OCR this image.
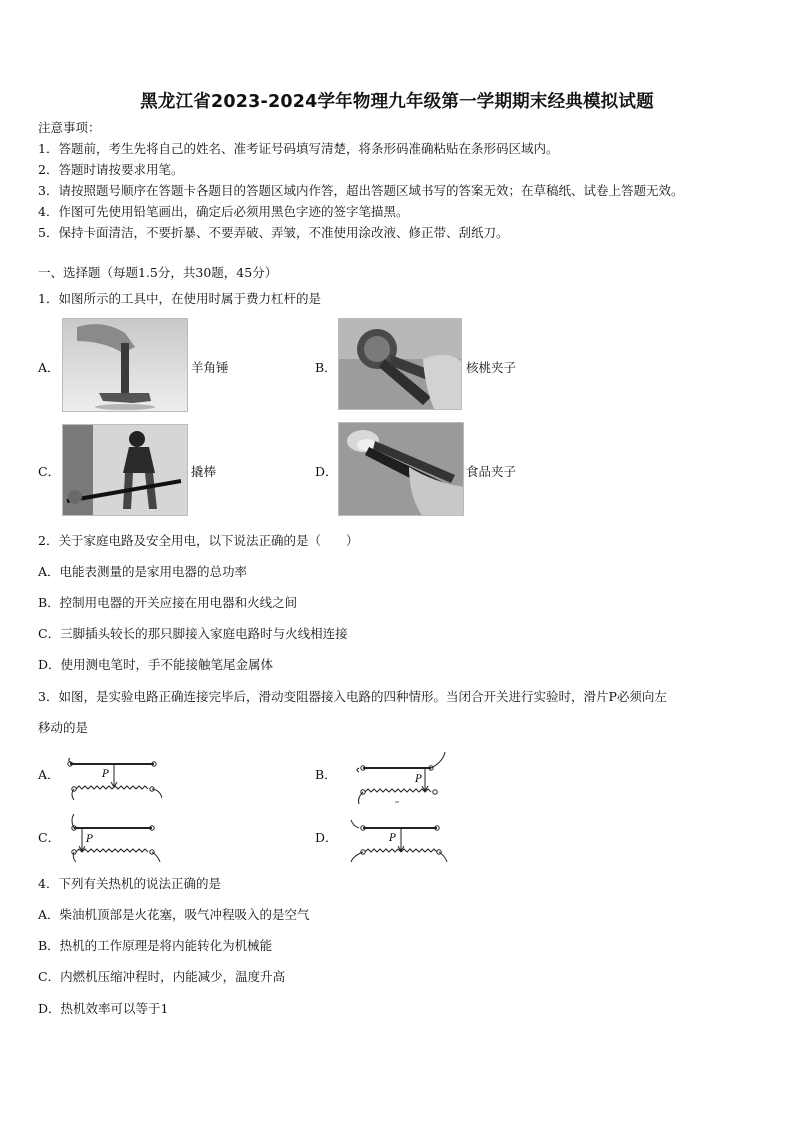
黑龙江省2023-2024学年物理九年级第一学期期末经典模拟试题
注意事项：
1．答题前，考生先将自己的姓名、准考证号码填写清楚，将条形码准确粘贴在条形码区域内。
2．答题时请按要求用笔。
3．请按照题号顺序在答题卡各题目的答题区域内作答，超出答题区域书写的答案无效；在草稿纸、试卷上答题无效。
4．作图可先使用铅笔画出，确定后必须用黑色字迹的签字笔描黑。
5．保持卡面清洁，不要折暴、不要弄破、弄皱，不准使用涂改液、修正带、刮纸刀。
一、选择题（每题1.5分，共30题，45分）
1．如图所示的工具中，在使用时属于费力杠杆的是
A．	羊角锤	B．	核桃夹子
C．	撬棒	D．	食品夹子
2．关于家庭电路及安全用电，以下说法正确的是（　　）
A．电能表测量的是家用电器的总功率
B．控制用电器的开关应接在用电器和火线之间
C．三脚插头较长的那只脚接入家庭电路时与火线相连接
D．使用测电笔时，手不能接触笔尾金属体
3．如图，是实验电路正确连接完毕后，滑动变阻器接入电路的四种情形。当闭合开关进行实验时，滑片P必须向左
移动的是
A．	P	B．	P
C．	P	D．	P
4．下列有关热机的说法正确的是
A．柴油机顶部是火花塞，吸气冲程吸入的是空气
B．热机的工作原理是将内能转化为机械能
C．内燃机压缩冲程时，内能减少，温度升高
D．热机效率可以等于1
